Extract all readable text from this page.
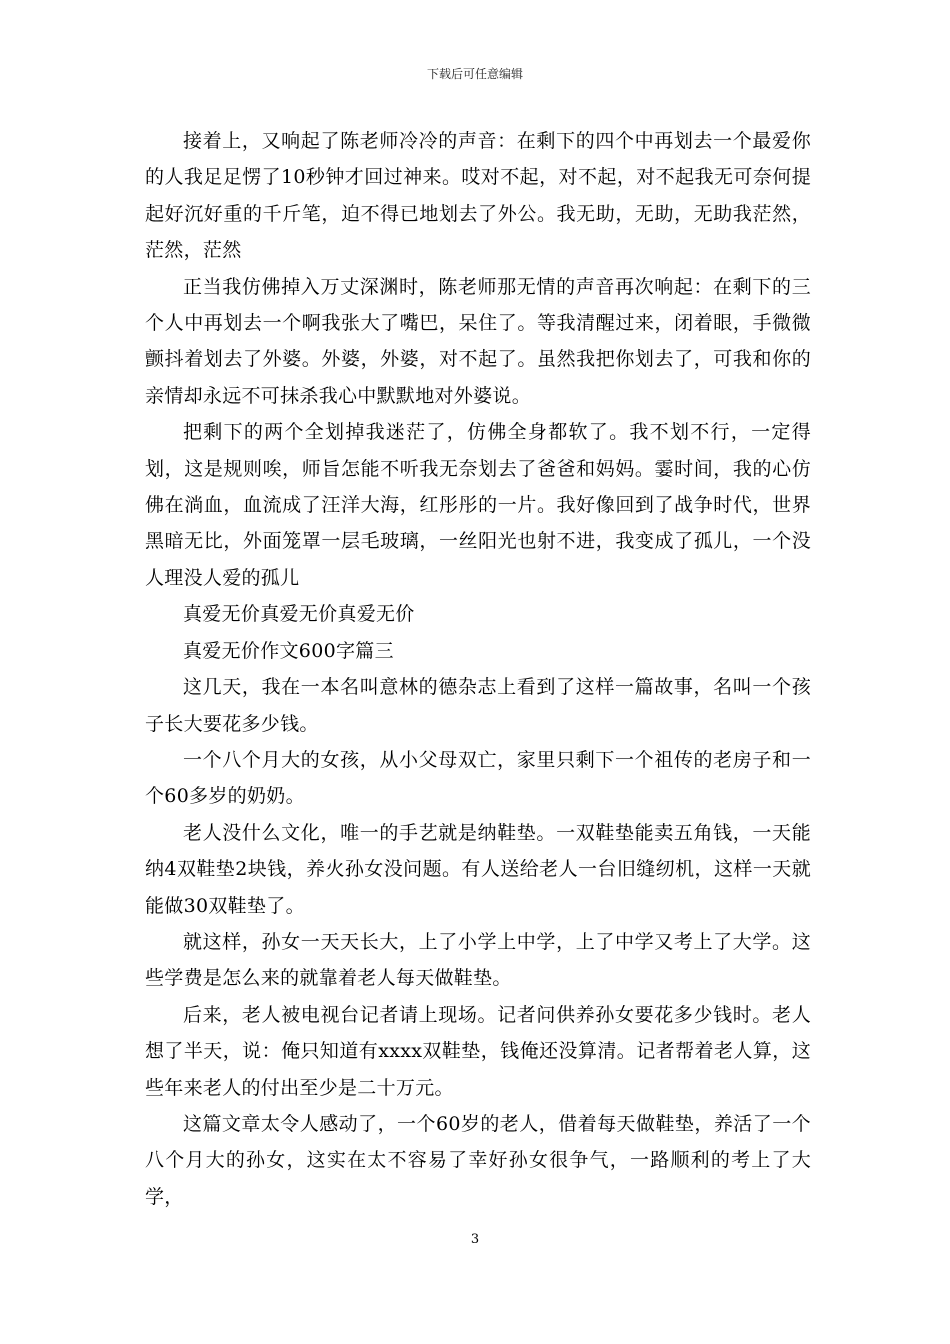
下载后可任意编辑

接着上，又响起了陈老师冷冷的声音：在剩下的四个中再划去一个最爱你的人我足足愣了10秒钟才回过神来。哎对不起，对不起，对不起我无可奈何提起好沉好重的千斤笔，迫不得已地划去了外公。我无助，无助，无助我茫然，茫然，茫然

正当我仿佛掉入万丈深渊时，陈老师那无情的声音再次响起：在剩下的三个人中再划去一个啊我张大了嘴巴，呆住了。等我清醒过来，闭着眼，手微微颤抖着划去了外婆。外婆，外婆，对不起了。虽然我把你划去了，可我和你的亲情却永远不可抹杀我心中默默地对外婆说。

把剩下的两个全划掉我迷茫了，仿佛全身都软了。我不划不行，一定得划，这是规则唉，师旨怎能不听我无奈划去了爸爸和妈妈。霎时间，我的心仿佛在淌血，血流成了汪洋大海，红彤彤的一片。我好像回到了战争时代，世界黑暗无比，外面笼罩一层毛玻璃，一丝阳光也射不进，我变成了孤儿，一个没人理没人爱的孤儿

真爱无价真爱无价真爱无价

真爱无价作文600字篇三

这几天，我在一本名叫意林的德杂志上看到了这样一篇故事，名叫一个孩子长大要花多少钱。

一个八个月大的女孩，从小父母双亡，家里只剩下一个祖传的老房子和一个60多岁的奶奶。

老人没什么文化，唯一的手艺就是纳鞋垫。一双鞋垫能卖五角钱，一天能纳4双鞋垫2块钱，养火孙女没问题。有人送给老人一台旧缝纫机，这样一天就能做30双鞋垫了。

就这样，孙女一天天长大，上了小学上中学，上了中学又考上了大学。这些学费是怎么来的就靠着老人每天做鞋垫。

后来，老人被电视台记者请上现场。记者问供养孙女要花多少钱时。老人想了半天，说：俺只知道有xxxx双鞋垫，钱俺还没算清。记者帮着老人算，这些年来老人的付出至少是二十万元。

这篇文章太令人感动了，一个60岁的老人，借着每天做鞋垫，养活了一个八个月大的孙女，这实在太不容易了幸好孙女很争气，一路顺利的考上了大学，

3
